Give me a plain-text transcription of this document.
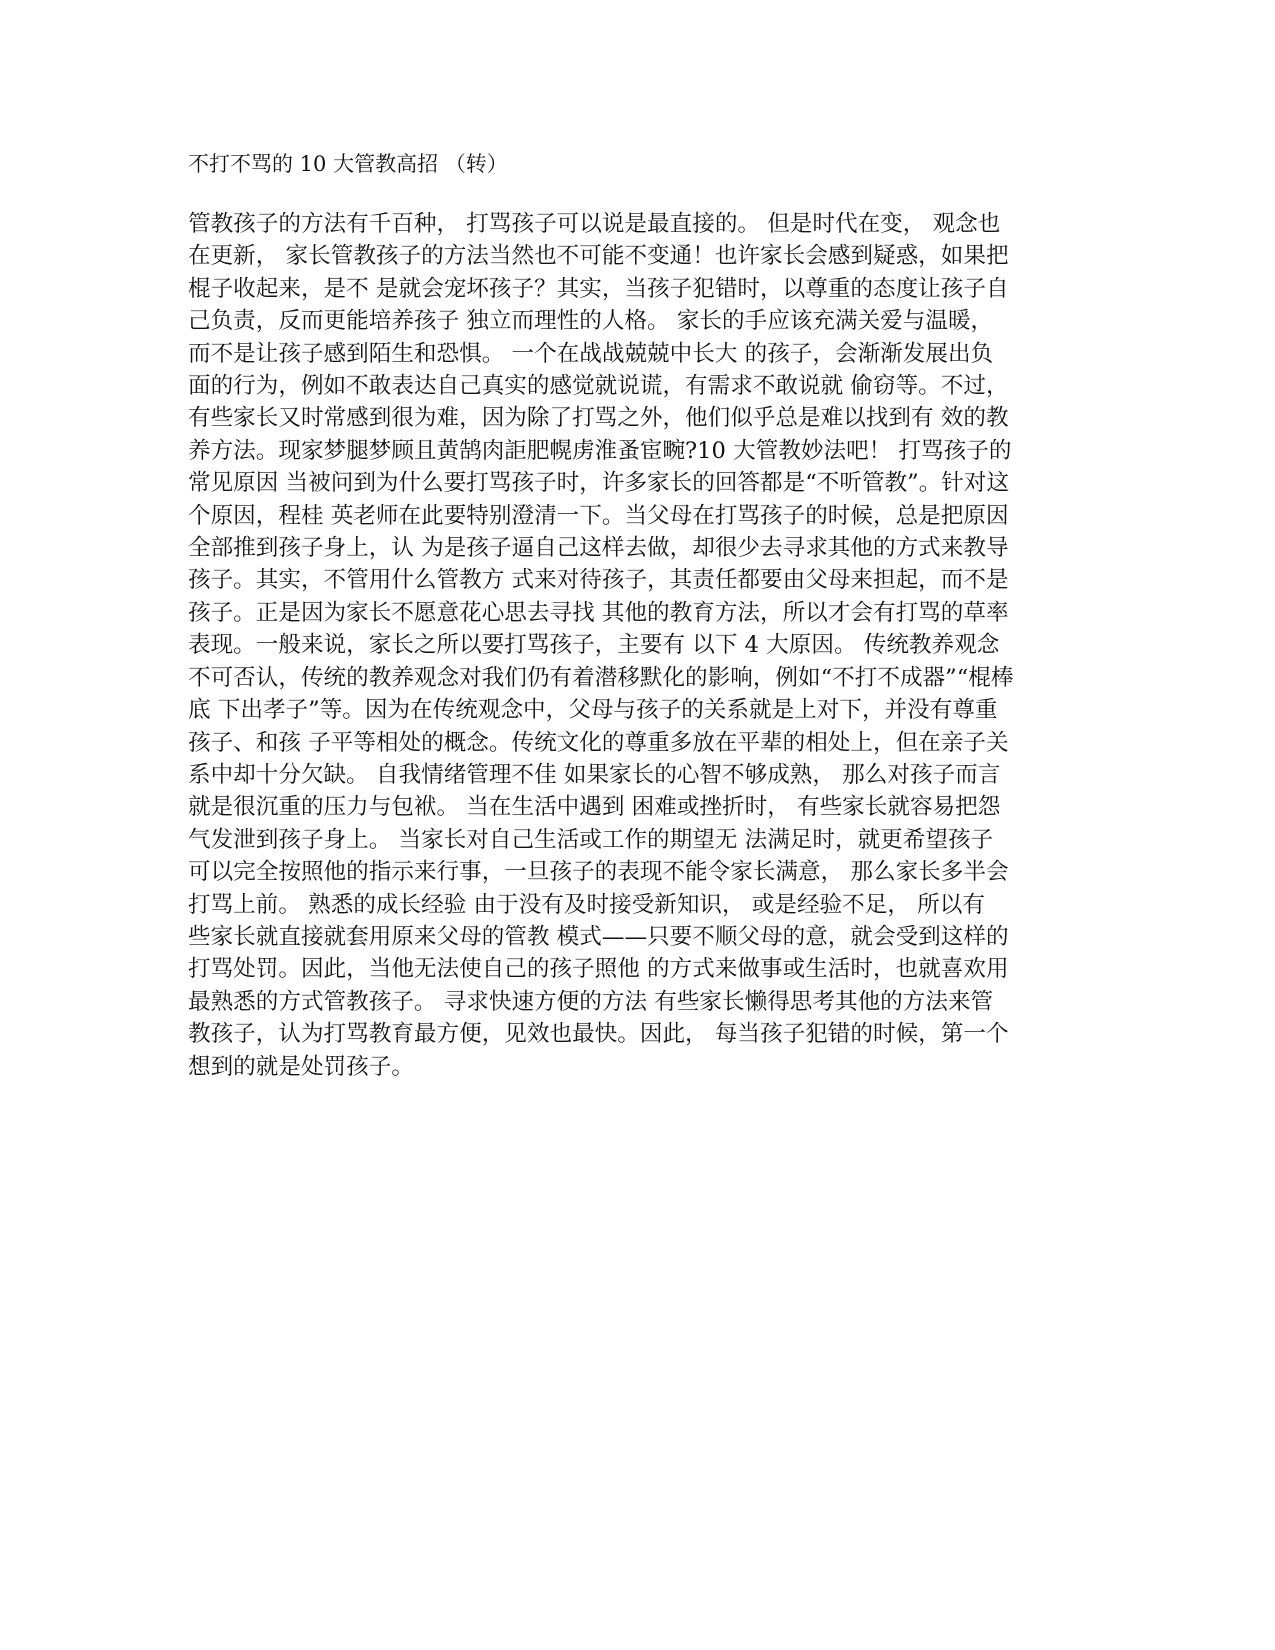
不打不骂的 10 大管教高招 （转）
管教孩子的方法有千百种， 打骂孩子可以说是最直接的。 但是时代在变， 观念也
在更新， 家长管教孩子的方法当然也不可能不变通！也许家长会感到疑惑，如果把
棍子收起来，是不 是就会宠坏孩子？其实，当孩子犯错时，以尊重的态度让孩子自
己负责，反而更能培养孩子 独立而理性的人格。 家长的手应该充满关爱与温暖，
而不是让孩子感到陌生和恐惧。 一个在战战兢兢中长大 的孩子，会渐渐发展出负
面的行为，例如不敢表达自己真实的感觉就说谎，有需求不敢说就 偷窃等。不过，
有些家长又时常感到很为难，因为除了打骂之外，他们似乎总是难以找到有 效的教
养方法。现家梦腿梦顾且黄鹄肉詎肥幌虏淮蚤宦畹?10 大管教妙法吧！ 打骂孩子的
常见原因 当被问到为什么要打骂孩子时，许多家长的回答都是“不听管教”。针对这
个原因，程桂 英老师在此要特别澄清一下。当父母在打骂孩子的时候，总是把原因
全部推到孩子身上，认 为是孩子逼自己这样去做，却很少去寻求其他的方式来教导
孩子。其实，不管用什么管教方 式来对待孩子，其责任都要由父母来担起，而不是
孩子。正是因为家长不愿意花心思去寻找 其他的教育方法，所以才会有打骂的草率
表现。一般来说，家长之所以要打骂孩子，主要有 以下 4 大原因。 传统教养观念
不可否认，传统的教养观念对我们仍有着潜移默化的影响，例如“不打不成器”“棍棒
底 下出孝子”等。因为在传统观念中，父母与孩子的关系就是上对下，并没有尊重
孩子、和孩 子平等相处的概念。传统文化的尊重多放在平辈的相处上，但在亲子关
系中却十分欠缺。 自我情绪管理不佳 如果家长的心智不够成熟， 那么对孩子而言
就是很沉重的压力与包袱。 当在生活中遇到 困难或挫折时， 有些家长就容易把怨
气发泄到孩子身上。 当家长对自己生活或工作的期望无 法满足时，就更希望孩子
可以完全按照他的指示来行事，一旦孩子的表现不能令家长满意， 那么家长多半会
打骂上前。 熟悉的成长经验 由于没有及时接受新知识， 或是经验不足， 所以有
些家长就直接就套用原来父母的管教 模式——只要不顺父母的意，就会受到这样的
打骂处罚。因此，当他无法使自己的孩子照他 的方式来做事或生活时，也就喜欢用
最熟悉的方式管教孩子。 寻求快速方便的方法 有些家长懒得思考其他的方法来管
教孩子，认为打骂教育最方便，见效也最快。因此， 每当孩子犯错的时候，第一个
想到的就是处罚孩子。
